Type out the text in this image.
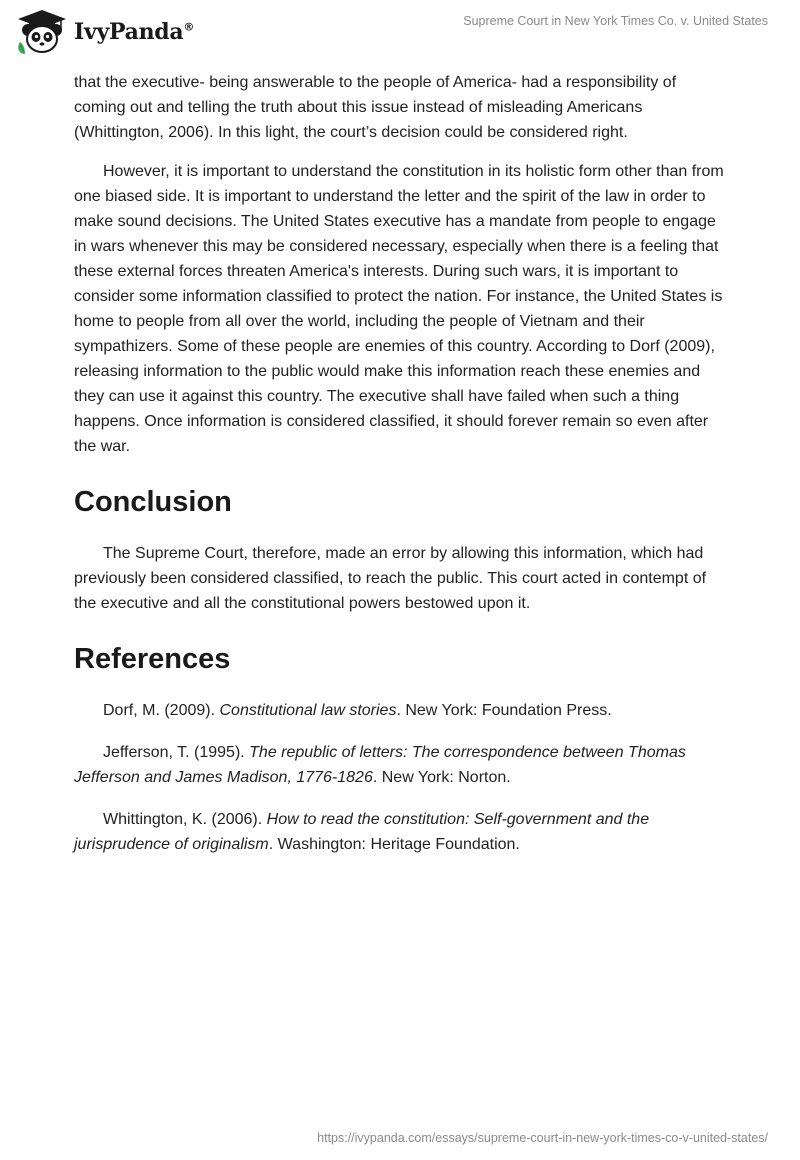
IvyPanda®	Supreme Court in New York Times Co. v. United States

that the executive- being answerable to the people of America- had a responsibility of coming out and telling the truth about this issue instead of misleading Americans (Whittington, 2006). In this light, the court’s decision could be considered right.

However, it is important to understand the constitution in its holistic form other than from one biased side. It is important to understand the letter and the spirit of the law in order to make sound decisions. The United States executive has a mandate from people to engage in wars whenever this may be considered necessary, especially when there is a feeling that these external forces threaten America's interests. During such wars, it is important to consider some information classified to protect the nation. For instance, the United States is home to people from all over the world, including the people of Vietnam and their sympathizers. Some of these people are enemies of this country. According to Dorf (2009), releasing information to the public would make this information reach these enemies and they can use it against this country. The executive shall have failed when such a thing happens. Once information is considered classified, it should forever remain so even after the war.

Conclusion

The Supreme Court, therefore, made an error by allowing this information, which had previously been considered classified, to reach the public. This court acted in contempt of the executive and all the constitutional powers bestowed upon it.

References

Dorf, M. (2009). Constitutional law stories. New York: Foundation Press.

Jefferson, T. (1995). The republic of letters: The correspondence between Thomas Jefferson and James Madison, 1776-1826. New York: Norton.

Whittington, K. (2006). How to read the constitution: Self-government and the jurisprudence of originalism. Washington: Heritage Foundation.

https://ivypanda.com/essays/supreme-court-in-new-york-times-co-v-united-states/
